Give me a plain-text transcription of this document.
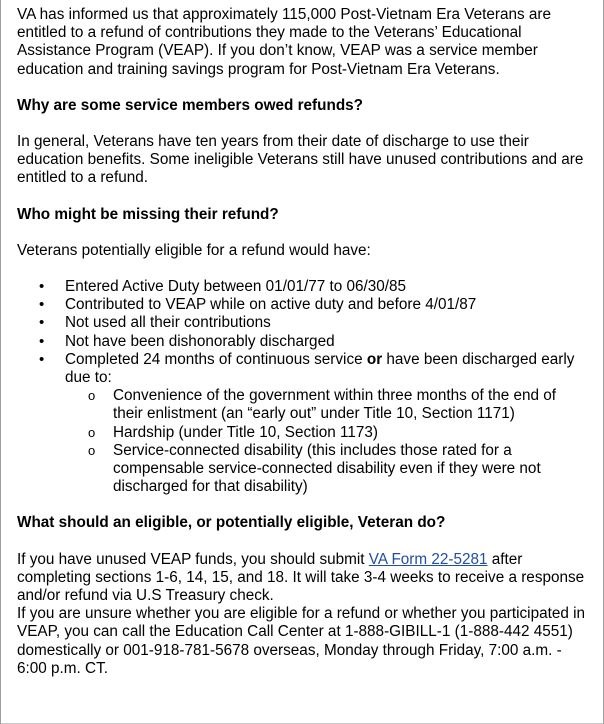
VA has informed us that approximately 115,000 Post-Vietnam Era Veterans are entitled to a refund of contributions they made to the Veterans’ Educational Assistance Program (VEAP). If you don’t know, VEAP was a service member education and training savings program for Post-Vietnam Era Veterans.

Why are some service members owed refunds?

In general, Veterans have ten years from their date of discharge to use their education benefits. Some ineligible Veterans still have unused contributions and are entitled to a refund.

Who might be missing their refund?

Veterans potentially eligible for a refund would have:

• Entered Active Duty between 01/01/77 to 06/30/85
• Contributed to VEAP while on active duty and before 4/01/87
• Not used all their contributions
• Not have been dishonorably discharged
• Completed 24 months of continuous service or have been discharged early due to:
o Convenience of the government within three months of the end of their enlistment (an “early out” under Title 10, Section 1171)
o Hardship (under Title 10, Section 1173)
o Service-connected disability (this includes those rated for a compensable service-connected disability even if they were not discharged for that disability)

What should an eligible, or potentially eligible, Veteran do?

If you have unused VEAP funds, you should submit VA Form 22-5281 after completing sections 1-6, 14, 15, and 18. It will take 3-4 weeks to receive a response and/or refund via U.S Treasury check.

If you are unsure whether you are eligible for a refund or whether you participated in VEAP, you can call the Education Call Center at 1-888-GIBILL-1 (1-888-442 4551) domestically or 001-918-781-5678 overseas, Monday through Friday, 7:00 a.m. - 6:00 p.m. CT.
